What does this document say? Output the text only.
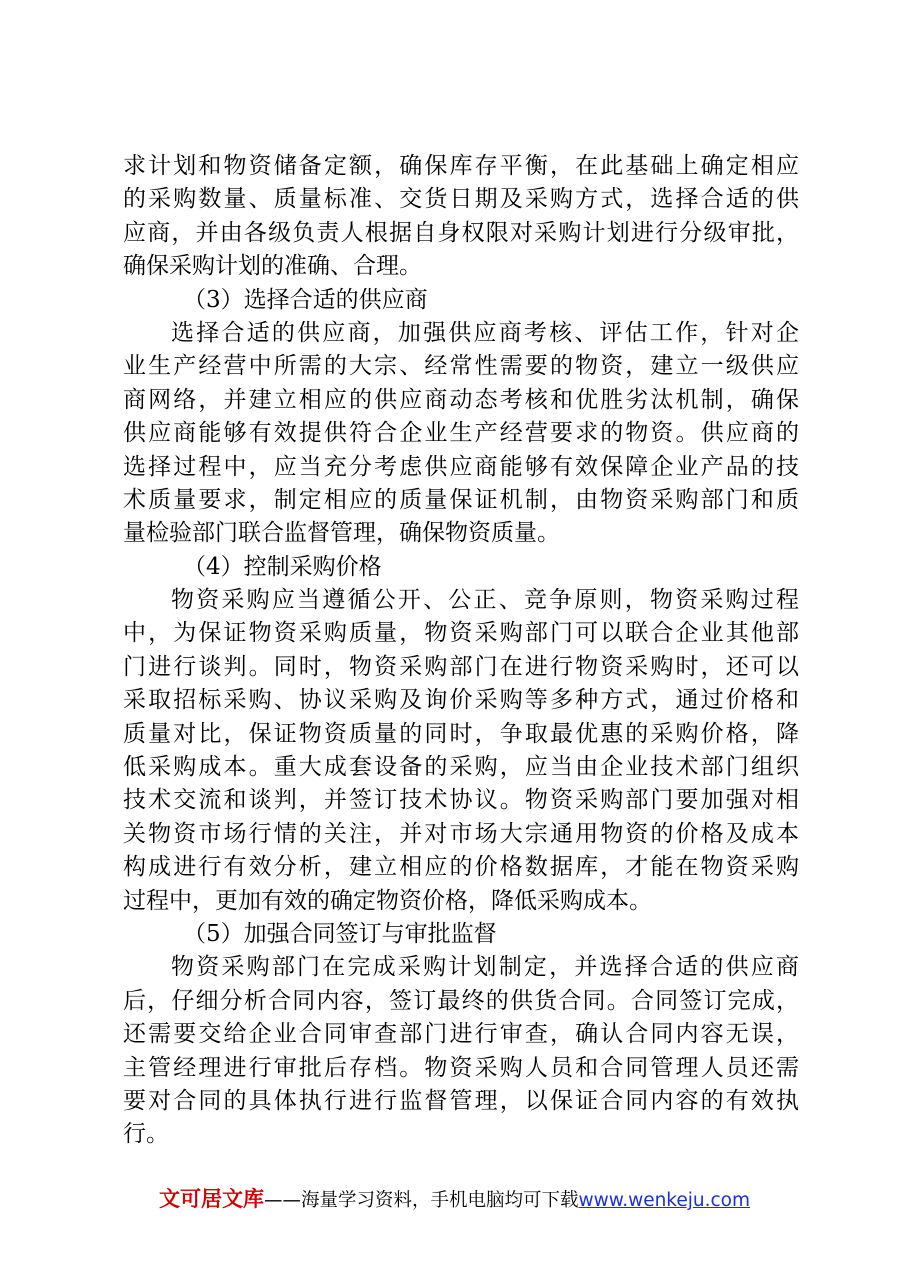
求计划和物资储备定额，确保库存平衡，在此基础上确定相应
的采购数量、质量标准、交货日期及采购方式，选择合适的供
应商，并由各级负责人根据自身权限对采购计划进行分级审批，
确保采购计划的准确、合理。
（3）选择合适的供应商
选择合适的供应商，加强供应商考核、评估工作，针对企
业生产经营中所需的大宗、经常性需要的物资，建立一级供应
商网络，并建立相应的供应商动态考核和优胜劣汰机制，确保
供应商能够有效提供符合企业生产经营要求的物资。供应商的
选择过程中，应当充分考虑供应商能够有效保障企业产品的技
术质量要求，制定相应的质量保证机制，由物资采购部门和质
量检验部门联合监督管理，确保物资质量。
（4）控制采购价格
物资采购应当遵循公开、公正、竞争原则，物资采购过程
中，为保证物资采购质量，物资采购部门可以联合企业其他部
门进行谈判。同时，物资采购部门在进行物资采购时，还可以
采取招标采购、协议采购及询价采购等多种方式，通过价格和
质量对比，保证物资质量的同时，争取最优惠的采购价格，降
低采购成本。重大成套设备的采购，应当由企业技术部门组织
技术交流和谈判，并签订技术协议。物资采购部门要加强对相
关物资市场行情的关注，并对市场大宗通用物资的价格及成本
构成进行有效分析，建立相应的价格数据库，才能在物资采购
过程中，更加有效的确定物资价格，降低采购成本。
（5）加强合同签订与审批监督
物资采购部门在完成采购计划制定，并选择合适的供应商
后，仔细分析合同内容，签订最终的供货合同。合同签订完成，
还需要交给企业合同审查部门进行审查，确认合同内容无误，
主管经理进行审批后存档。物资采购人员和合同管理人员还需
要对合同的具体执行进行监督管理，以保证合同内容的有效执
行。
文可居文库——海量学习资料，手机电脑均可下载www.wenkeju.com
